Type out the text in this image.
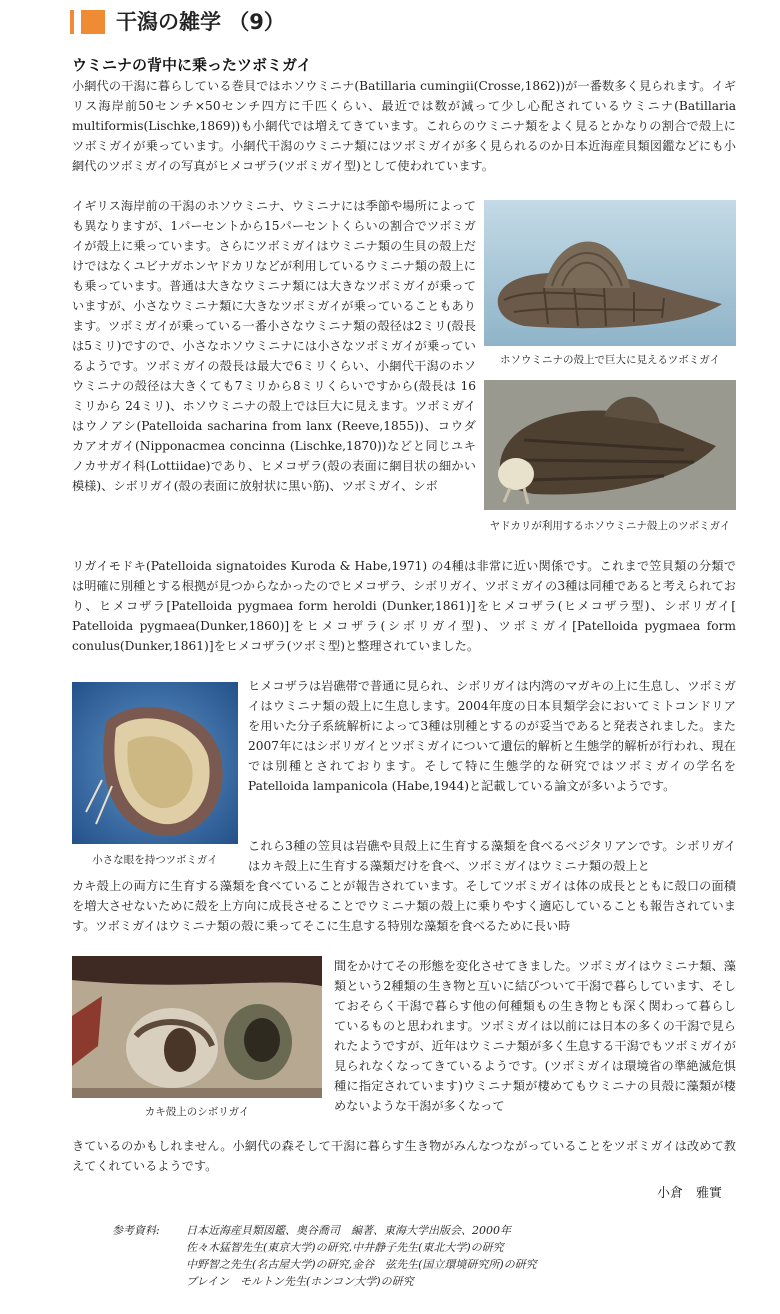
干潟の雑学 （9）
ウミニナの背中に乗ったツボミガイ

小網代の干潟に暮らしている巻貝ではホソウミニナ(Batillaria cumingii(Crosse,1862))が一番数多く見られます。イギリス海岸前50センチ×50センチ四方に千匹くらい、最近では数が減って少し心配されているウミニナ(Batillaria multiformis(Lischke,1869))も小網代では増えてきています。これらのウミニナ類をよく見るとかなりの割合で殻上にツボミガイが乗っています。小網代干潟のウミニナ類にはツボミガイが多く見られるのか日本近海産貝類図鑑などにも小網代のツボミガイの写真がヒメコザラ(ツボミガイ型)として使われています。

イギリス海岸前の干潟のホソウミニナ、ウミニナには季節や場所によっても異なりますが、1パーセントから15パーセントくらいの割合でツボミガイが殻上に乗っています。さらにツボミガイはウミニナ類の生貝の殻上だけではなくユビナガホンヤドカリなどが利用しているウミニナ類の殻上にも乗っています。普通は大きなウミニナ類には大きなツボミガイが乗っていますが、小さなウミニナ類に大きなツボミガイが乗っていることもあります。ツボミガイが乗っている一番小さなウミニナ類の殻径は2ミリ(殻長は5ミリ)ですので、小さなホソウミニナには小さなツボミガイが乗っているようです。ツボミガイの殻長は最大で6ミリくらい、小網代干潟のホソウミニナの殻径は大きくても7ミリから8ミリくらいですから(殻長は 16 ミリから 24ミリ)、ホソウミニナの殻上では巨大に見えます。ツボミガイはウノアシ(Patelloida sacharina from lanx (Reeve,1855))、コウダカアオガイ(Nipponacmea concinna (Lischke,1870))などと同じユキノカサガイ科(Lottiidae)であり、ヒメコザラ(殻の表面に網目状の細かい模様)、シボリガイ(殻の表面に放射状に黒い筋)、ツボミガイ、シボ

ホソウミニナの殻上で巨大に見えるツボミガイ
ヤドカリが利用するホソウミニナ殻上のツボミガイ

リガイモドキ(Patelloida signatoides Kuroda & Habe,1971) の4種は非常に近い関係です。これまで笠貝類の分類では明確に別種とする根拠が見つからなかったのでヒメコザラ、シボリガイ、ツボミガイの3種は同種であると考えられており、ヒメコザラ[Patelloida pygmaea form heroldi (Dunker,1861)]をヒメコザラ(ヒメコザラ型)、シボリガイ[ Patelloida pygmaea(Dunker,1860)]をヒメコザラ(シボリガイ型)、ツボミガイ[Patelloida pygmaea form conulus(Dunker,1861)]をヒメコザラ(ツボミ型)と整理されていました。

小さな眼を持つツボミガイ

ヒメコザラは岩礁帯で普通に見られ、シボリガイは内湾のマガキの上に生息し、ツボミガイはウミニナ類の殻上に生息します。2004年度の日本貝類学会においてミトコンドリアを用いた分子系統解析によって3種は別種とするのが妥当であると発表されました。また2007年にはシボリガイとツボミガイについて遺伝的解析と生態学的解析が行われ、現在では別種とされております。そして特に生態学的な研究ではツボミガイの学名を Patelloida lampanicola (Habe,1944)と記載している論文が多いようです。

これら3種の笠貝は岩礁や貝殻上に生育する藻類を食べるベジタリアンです。シボリガイはカキ殻上に生育する藻類だけを食べ、ツボミガイはウミニナ類の殻上と

カキ殻上の両方に生育する藻類を食べていることが報告されています。そしてツボミガイは体の成長とともに殻口の面積を増大させないために殻を上方向に成長させることでウミニナ類の殻上に乗りやすく適応していることも報告されています。ツボミガイはウミニナ類の殻に乗ってそこに生息する特別な藻類を食べるために長い時

カキ殻上のシボリガイ

間をかけてその形態を変化させてきました。ツボミガイはウミニナ類、藻類という2種類の生き物と互いに結びついて干潟で暮らしています、そしておそらく干潟で暮らす他の何種類もの生き物とも深く関わって暮らしているものと思われます。ツボミガイは以前には日本の多くの干潟で見られたようですが、近年はウミニナ類が多く生息する干潟でもツボミガイが見られなくなってきているようです。(ツボミガイは環境省の準絶滅危惧種に指定されています)ウミニナ類が棲めてもウミニナの貝殻に藻類が棲めないような干潟が多くなって

きているのかもしれません。小網代の森そして干潟に暮らす生き物がみんなつながっていることをツボミガイは改めて教えてくれているようです。

小倉　雅實
参考資料: 日本近海産貝類図鑑、奥谷喬司　編著、東海大学出版会、2000年
佐々木猛智先生(東京大学)の研究.中井静子先生(東北大学)の研究
中野智之先生(名古屋大学)の研究,金谷　弦先生(国立環境研究所)の研究
ブレイン　モルトン先生(ホンコン大学)の研究
